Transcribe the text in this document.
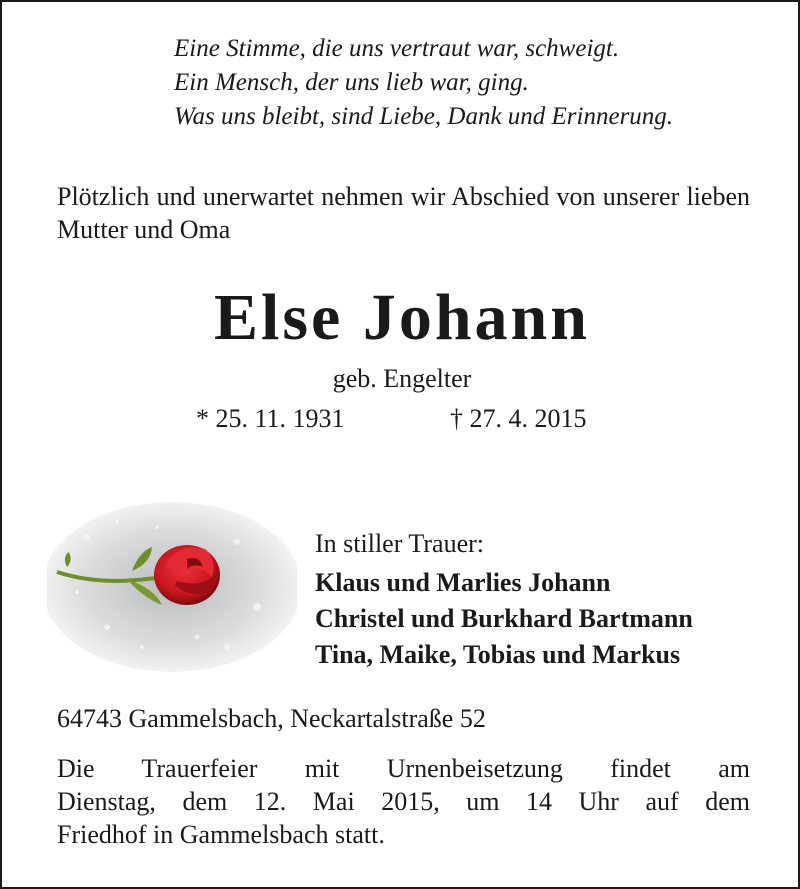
Eine Stimme, die uns vertraut war, schweigt.
Ein Mensch, der uns lieb war, ging.
Was uns bleibt, sind Liebe, Dank und Erinnerung.
Plötzlich und unerwartet nehmen wir Abschied von unserer lieben Mutter und Oma
Else Johann
geb. Engelter
* 25. 11. 1931	† 27. 4. 2015
In stiller Trauer:
Klaus und Marlies Johann
Christel und Burkhard Bartmann
Tina, Maike, Tobias und Markus
64743 Gammelsbach, Neckartalstraße 52
Die Trauerfeier mit Urnenbeisetzung findet am
Dienstag, dem 12. Mai 2015, um 14 Uhr auf dem
Friedhof in Gammelsbach statt.
